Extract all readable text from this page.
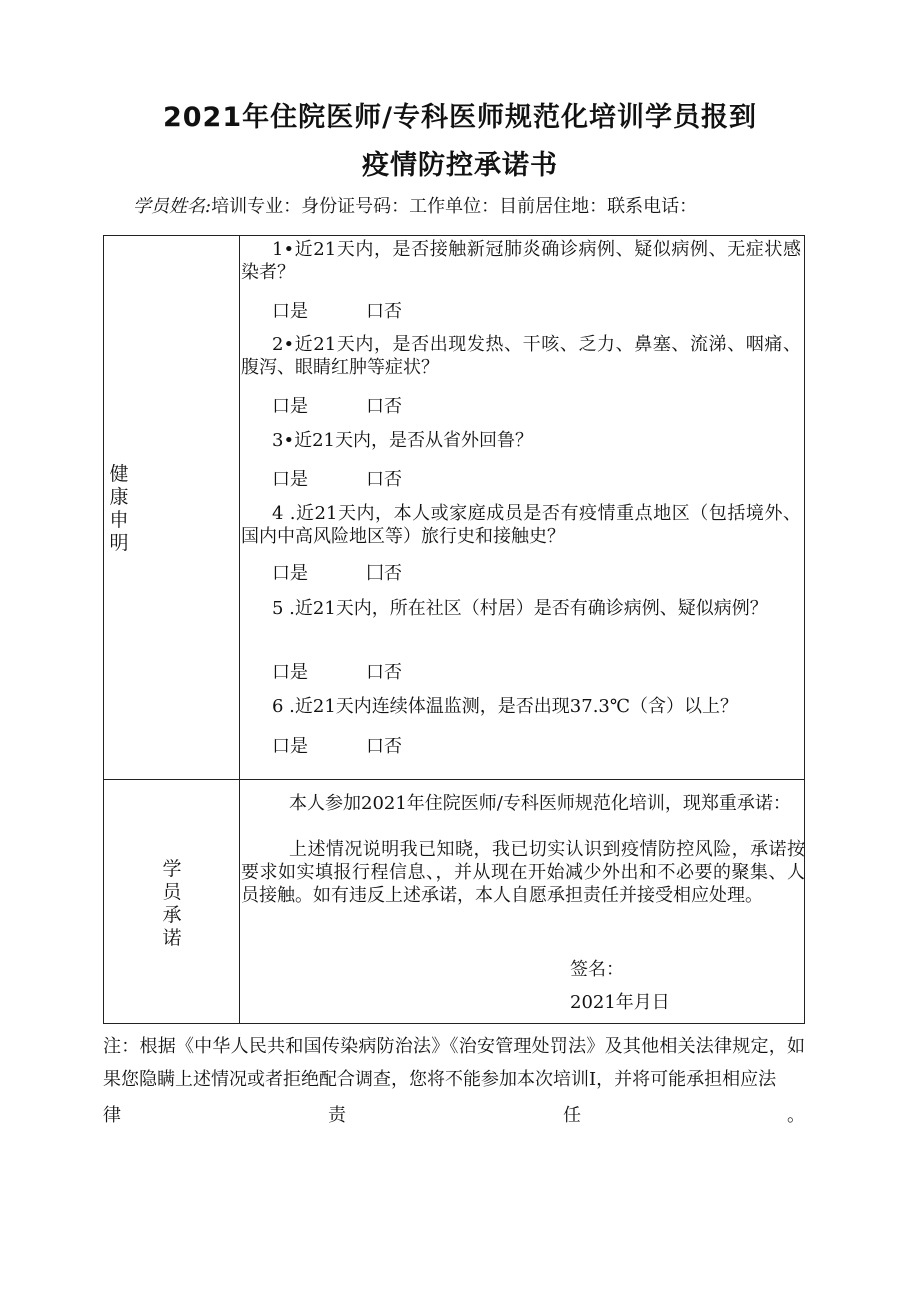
2021年住院医师/专科医师规范化培训学员报到
疫情防控承诺书
学员姓名:培训专业：身份证号码：工作单位：目前居住地：联系电话：
健
康
申
明

1•近21天内，是否接触新冠肺炎确诊病例、疑似病例、无症状感染者？

口是	口否

2•近21天内，是否出现发热、干咳、乏力、鼻塞、流涕、咽痛、腹泻、眼睛红肿等症状？

口是	口否

3•近21天内，是否从省外回鲁？

口是	口否

4 .近21天内，本人或家庭成员是否有疫情重点地区（包括境外、国内中高风险地区等）旅行史和接触史？

口是	囗否

5 .近21天内，所在社区（村居）是否有确诊病例、疑似病例？

口是	口否

6 .近21天内连续体温监测，是否出现37.3℃（含）以上？

口是	口否
学
员
承
诺

本人参加2021年住院医师/专科医师规范化培训，现郑重承诺：

上述情况说明我已知晓，我已切实认识到疫情防控风险，承诺按要求如实填报行程信息、，并从现在开始减少外出和不必要的聚集、人员接触。如有违反上述承诺，本人自愿承担责任并接受相应处理。

签名：
2021年月日

注：根据《中华人民共和国传染病防治法》《治安管理处罚法》及其他相关法律规定，如果您隐瞒上述情况或者拒绝配合调查，您将不能参加本次培训Ⅰ，并将可能承担相应法

律	责	任	。
